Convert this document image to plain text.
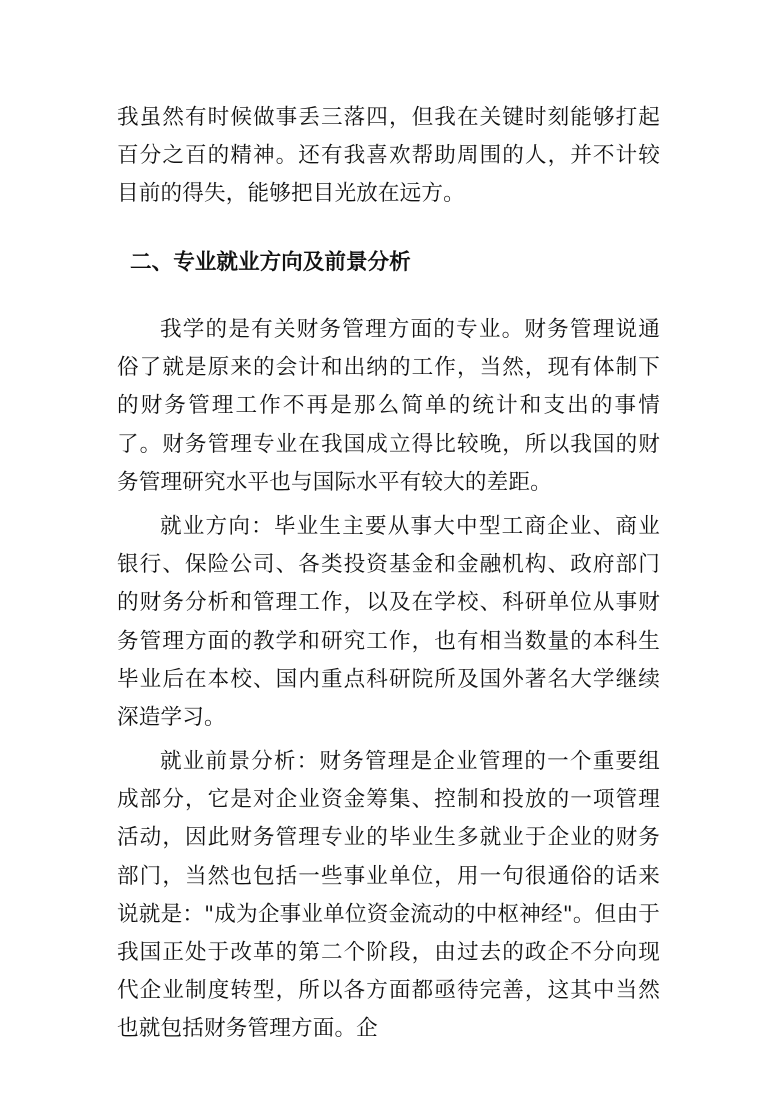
我虽然有时候做事丢三落四，但我在关键时刻能够打起百分之百的精神。还有我喜欢帮助周围的人，并不计较目前的得失，能够把目光放在远方。

二、专业就业方向及前景分析

我学的是有关财务管理方面的专业。财务管理说通俗了就是原来的会计和出纳的工作，当然，现有体制下的财务管理工作不再是那么简单的统计和支出的事情了。财务管理专业在我国成立得比较晚，所以我国的财务管理研究水平也与国际水平有较大的差距。

就业方向：毕业生主要从事大中型工商企业、商业银行、保险公司、各类投资基金和金融机构、政府部门的财务分析和管理工作，以及在学校、科研单位从事财务管理方面的教学和研究工作，也有相当数量的本科生毕业后在本校、国内重点科研院所及国外著名大学继续深造学习。

就业前景分析：财务管理是企业管理的一个重要组成部分，它是对企业资金筹集、控制和投放的一项管理活动，因此财务管理专业的毕业生多就业于企业的财务部门，当然也包括一些事业单位，用一句很通俗的话来说就是："成为企事业单位资金流动的中枢神经"。但由于我国正处于改革的第二个阶段，由过去的政企不分向现代企业制度转型，所以各方面都亟待完善，这其中当然也就包括财务管理方面。企
